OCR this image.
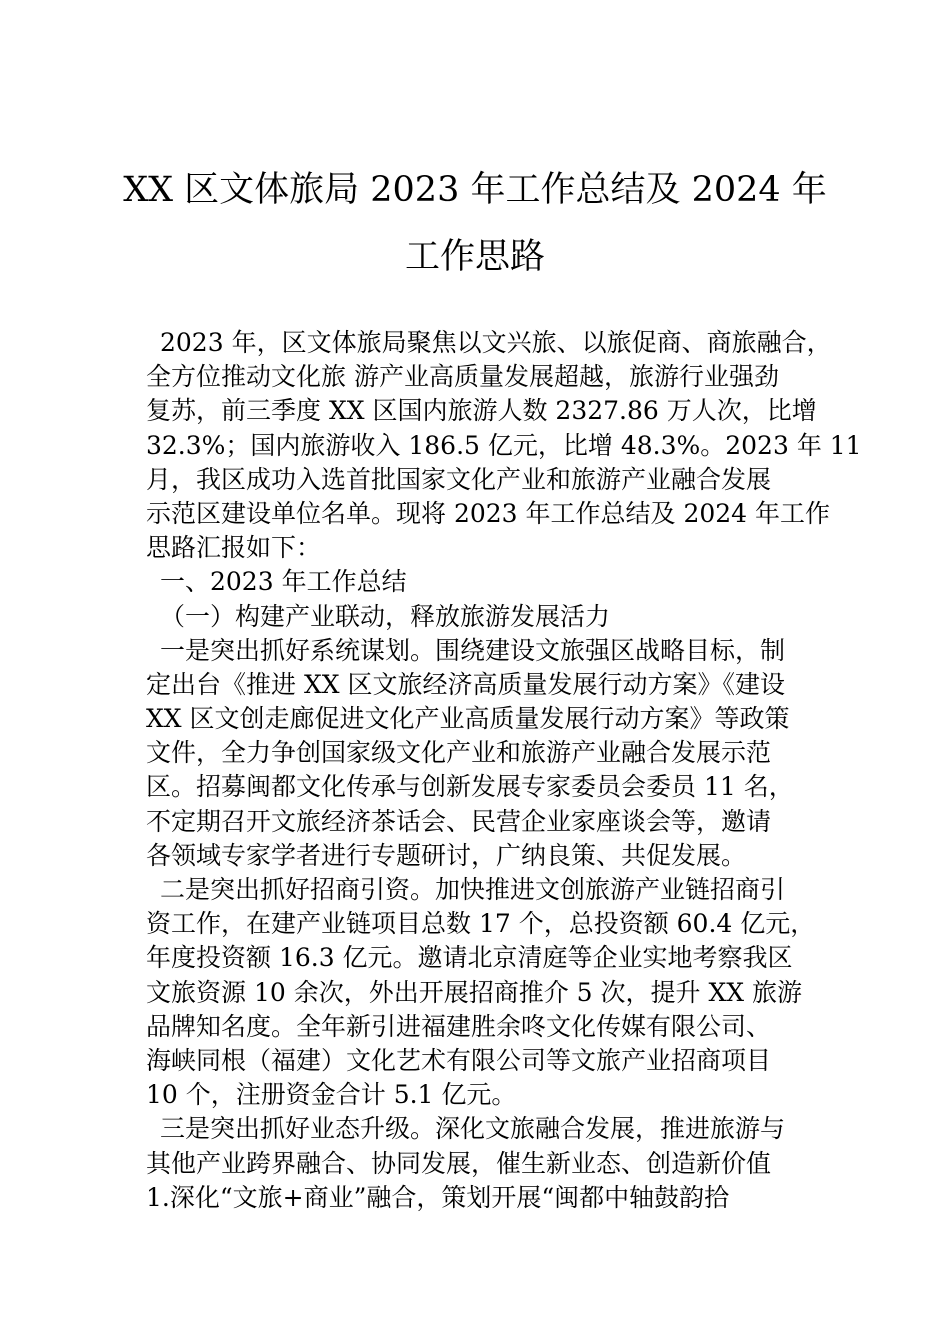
XX 区文体旅局 2023 年工作总结及 2024 年
工作思路
2023 年，区文体旅局聚焦以文兴旅、以旅促商、商旅融合，
全方位推动文化旅 游产业高质量发展超越，旅游行业强劲
复苏，前三季度 XX 区国内旅游人数 2327.86 万人次，比增
32.3%；国内旅游收入 186.5 亿元，比增 48.3%。2023 年 11
月，我区成功入选首批国家文化产业和旅游产业融合发展
示范区建设单位名单。现将 2023 年工作总结及 2024 年工作
思路汇报如下：
一、2023 年工作总结
（一）构建产业联动，释放旅游发展活力
一是突出抓好系统谋划。围绕建设文旅强区战略目标，制
定出台《推进 XX 区文旅经济高质量发展行动方案》《建设
XX 区文创走廊促进文化产业高质量发展行动方案》等政策
文件，全力争创国家级文化产业和旅游产业融合发展示范
区。招募闽都文化传承与创新发展专家委员会委员 11 名，
不定期召开文旅经济茶话会、民营企业家座谈会等，邀请
各领域专家学者进行专题研讨，广纳良策、共促发展。
二是突出抓好招商引资。加快推进文创旅游产业链招商引
资工作，在建产业链项目总数 17 个，总投资额 60.4 亿元，
年度投资额 16.3 亿元。邀请北京清庭等企业实地考察我区
文旅资源 10 余次，外出开展招商推介 5 次，提升 XX 旅游
品牌知名度。全年新引进福建胜余咚文化传媒有限公司、
海峡同根（福建）文化艺术有限公司等文旅产业招商项目
10 个，注册资金合计 5.1 亿元。
三是突出抓好业态升级。深化文旅融合发展，推进旅游与
其他产业跨界融合、协同发展，催生新业态、创造新价值
1.深化“文旅+商业”融合，策划开展“闽都中轴鼓韵拾
